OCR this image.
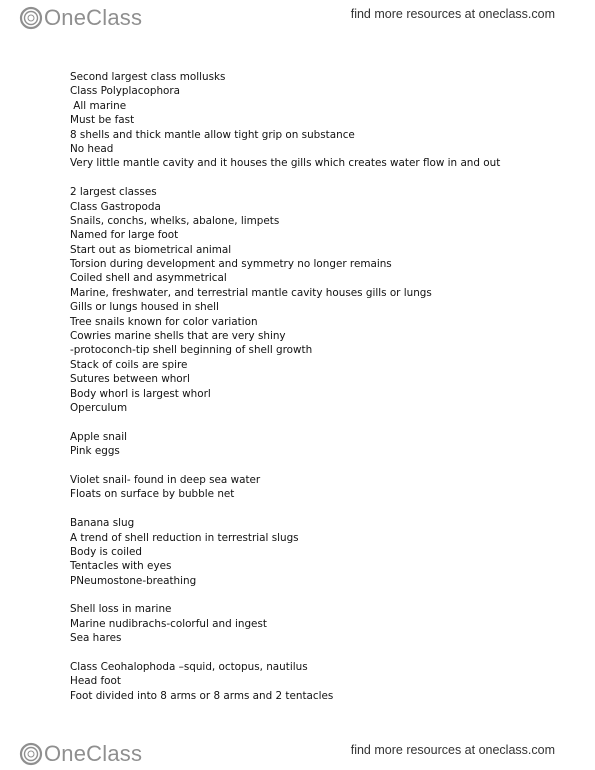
OneClass	find more resources at oneclass.com
Second largest class mollusks
Class Polyplacophora
All marine
Must be fast
8 shells and thick mantle allow tight grip on substance
No head
Very little mantle cavity and it houses the gills which creates water flow in and out
2 largest classes
Class Gastropoda
Snails, conchs, whelks, abalone, limpets
Named for large foot
Start out as biometrical animal
Torsion during development and symmetry no longer remains
Coiled shell and asymmetrical
Marine, freshwater, and terrestrial mantle cavity houses gills or lungs
Gills or lungs housed in shell
Tree snails known for color variation
Cowries marine shells that are very shiny
-protoconch-tip shell beginning of shell growth
Stack of coils are spire
Sutures between whorl
Body whorl is largest whorl
Operculum
Apple snail
Pink eggs
Violet snail- found in deep sea water
Floats on surface by bubble net
Banana slug
A trend of shell reduction in terrestrial slugs
Body is coiled
Tentacles with eyes
PNeumostone-breathing
Shell loss in marine
Marine nudibrachs-colorful and ingest
Sea hares
Class Ceohalophoda –squid, octopus, nautilus
Head foot
Foot divided into 8 arms or 8 arms and 2 tentacles
OneClass	find more resources at oneclass.com
